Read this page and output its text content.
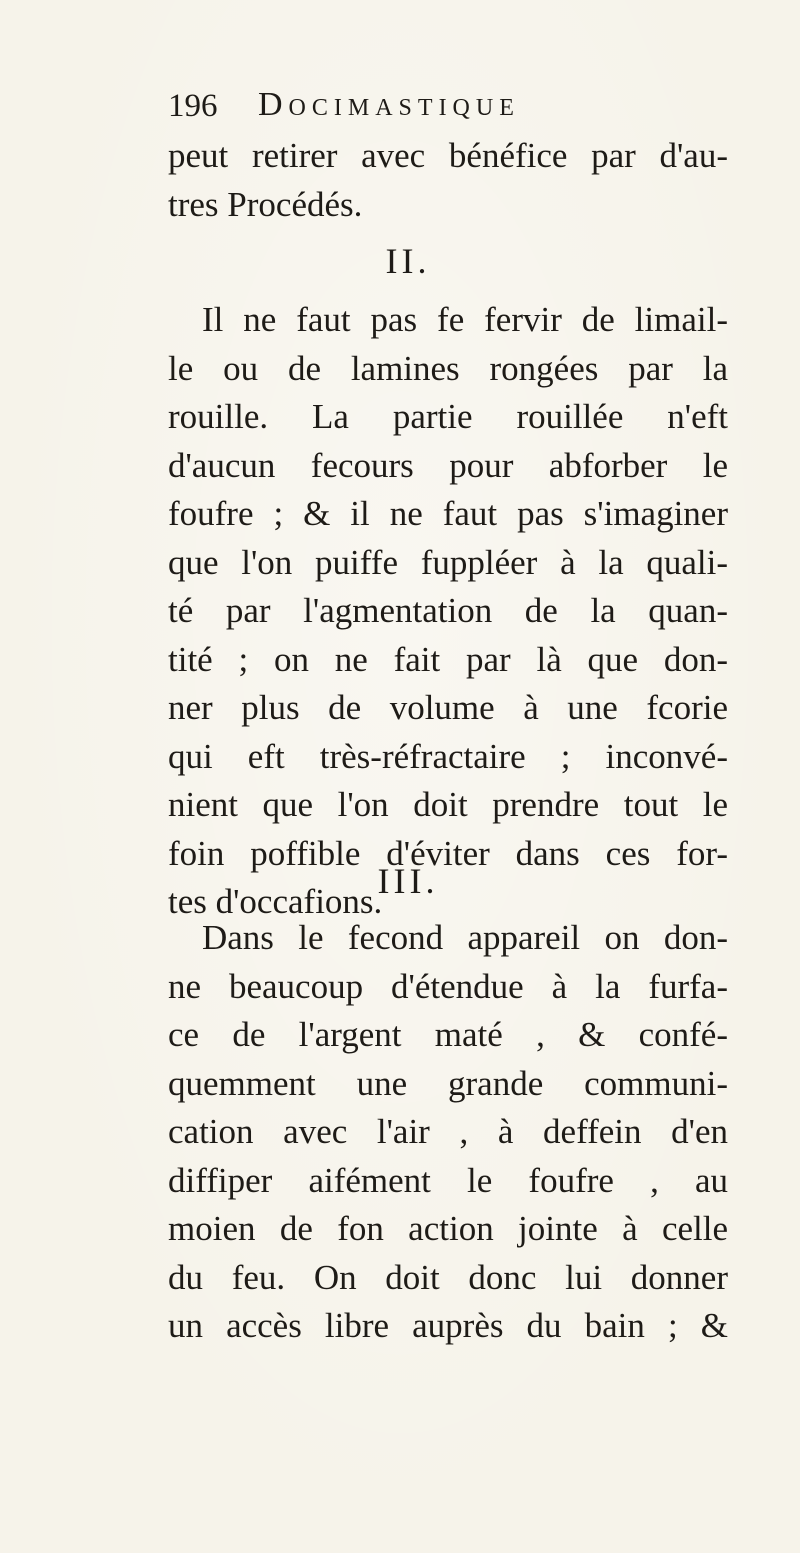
196 Docimastique
peut retirer avec bénéfice par d'au-
tres Procédés.
II.
Il ne faut pas fe fervir de limail-
le ou de lamines rongées par la
rouille. La partie rouillée n'eft
d'aucun fecours pour abforber le
foufre ; & il ne faut pas s'imaginer
que l'on puiffe fuppléer à la quali-
té par l'agmentation de la quan-
tité ; on ne fait par là que don-
ner plus de volume à une fcorie
qui eft très-réfractaire ; inconvé-
nient que l'on doit prendre tout le
foin poffible d'éviter dans ces for-
tes d'occafions.
III.
Dans le fecond appareil on don-
ne beaucoup d'étendue à la furfa-
ce de l'argent maté , & confé-
quemment une grande communi-
cation avec l'air , à deffein d'en
diffiper aifément le foufre , au
moien de fon action jointe à celle
du feu. On doit donc lui donner
un accès libre auprès du bain ; &
